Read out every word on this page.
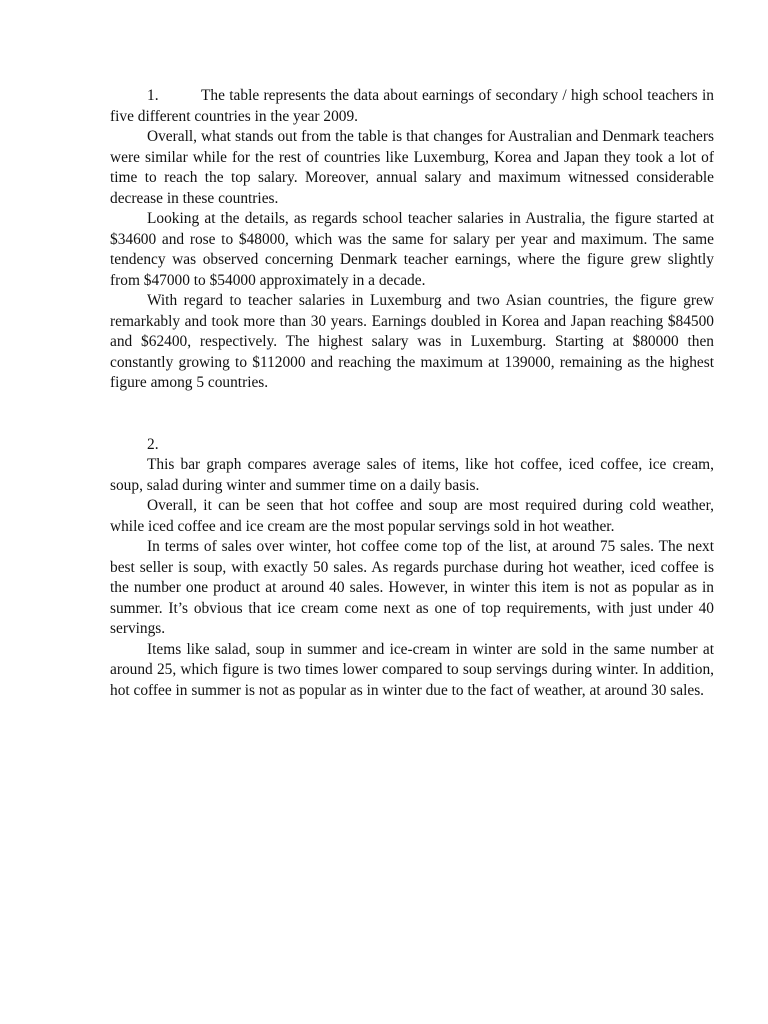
1.	The table represents the data about earnings of secondary / high school teachers in five different countries in the year 2009.

Overall, what stands out from the table is that changes for Australian and Denmark teachers were similar while for the rest of countries like Luxemburg, Korea and Japan they took a lot of time to reach the top salary. Moreover, annual salary and maximum witnessed considerable decrease in these countries.

Looking at the details, as regards school teacher salaries in Australia, the figure started at $34600 and rose to $48000, which was the same for salary per year and maximum. The same tendency was observed concerning Denmark teacher earnings, where the figure grew slightly from $47000 to $54000 approximately in a decade.

With regard to teacher salaries in Luxemburg and two Asian countries, the figure grew remarkably and took more than 30 years. Earnings doubled in Korea and Japan reaching $84500 and $62400, respectively. The highest salary was in Luxemburg. Starting at $80000 then constantly growing to $112000 and reaching the maximum at 139000, remaining as the highest figure among 5 countries.

2.

This bar graph compares average sales of items, like hot coffee, iced coffee, ice cream, soup, salad during winter and summer time on a daily basis.

Overall, it can be seen that hot coffee and soup are most required during cold weather, while iced coffee and ice cream are the most popular servings sold in hot weather.

In terms of sales over winter, hot coffee come top of the list, at around 75 sales. The next best seller is soup, with exactly 50 sales. As regards purchase during hot weather, iced coffee is the number one product at around 40 sales. However, in winter this item is not as popular as in summer. It’s obvious that ice cream come next as one of top requirements, with just under 40 servings.

Items like salad, soup in summer and ice-cream in winter are sold in the same number at around 25, which figure is two times lower compared to soup servings during winter. In addition, hot coffee in summer is not as popular as in winter due to the fact of weather, at around 30 sales.
